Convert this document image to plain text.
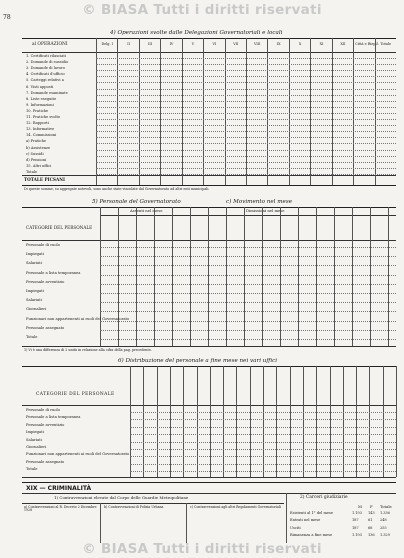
© BIASA Tutti i diritti riservati
© BIASA Tutti i diritti riservati
78
4) Operazioni svolte dalle Delegazioni Governatoriali e locali
al OPERAZIONI
TOTALE PICSANI
Di queste somme, su aggregate notevoli, sono anche state vincolate dal Governatorato ad altri enti municipali.
5) Personale del Governatorato	c) Movimento nel mese
CATEGORIE DEL PERSONALE
Assenti nel mese	Dimissioni nel mese
1) Vi è una differenza di 2 unità in relazione alla cifra della pag. precedente.
6) Distribuzione del personale a fine mese nei vari uffici
CATEGORIE DEL PERSONALE
XIX — CRIMINALITÀ
1) Contravvenzioni elevate dal Corpo delle Guardie Metropolitane	2) Carceri giudiziarie
a) Contravvenzioni al R. Decreto 2 Dicembre 1928
b) Contravvenzioni di Polizia Urbana	c) Contravvenzioni agli altri Regolamenti Governatoriali	M F Totale
Delg. I	II	III	IV	V	VI	VII	VIII	IX	X	XI	XII	Cittá e Riepil. Totale
1. Certificati rilasciati
2. Domande di sussidio
3. Domande di lavoro
4. Certificati d'ufficio
5. Carteggi relativi a
6. Visti apposti
7. Domande esaminate
8. Liste eseguite
9. Informazioni
10. Pratiche
11. Pratiche svolte
12. Rapporti
13. Informative
14. Commissioni
a) Pratiche
b) Assistenze
c) Sussidi
d) Pensioni
15. Altri uffici
Totale
Personale di ruolo
Impiegati
Salariati
Personale a lista temporanea
Personale avventizio
Impiegati
Salariati
Giornalieri
Funzionari non appartenenti ai ruoli del Governatorato
Personale assegnato
Totale
Personale di ruolo
Personale a lista temporanea
Personale avventizio
Impiegati
Salariati
Giornalieri
Funzionari non appartenenti ai ruoli del Governatorato
Personale assegnato
Totale
Esistenti al 1° del mese	1.193 143 1.336
Entrati nel mese	187	61 248
Usciti	187	68 255
Rimanenza a fine mese	1.193 136 1.329
